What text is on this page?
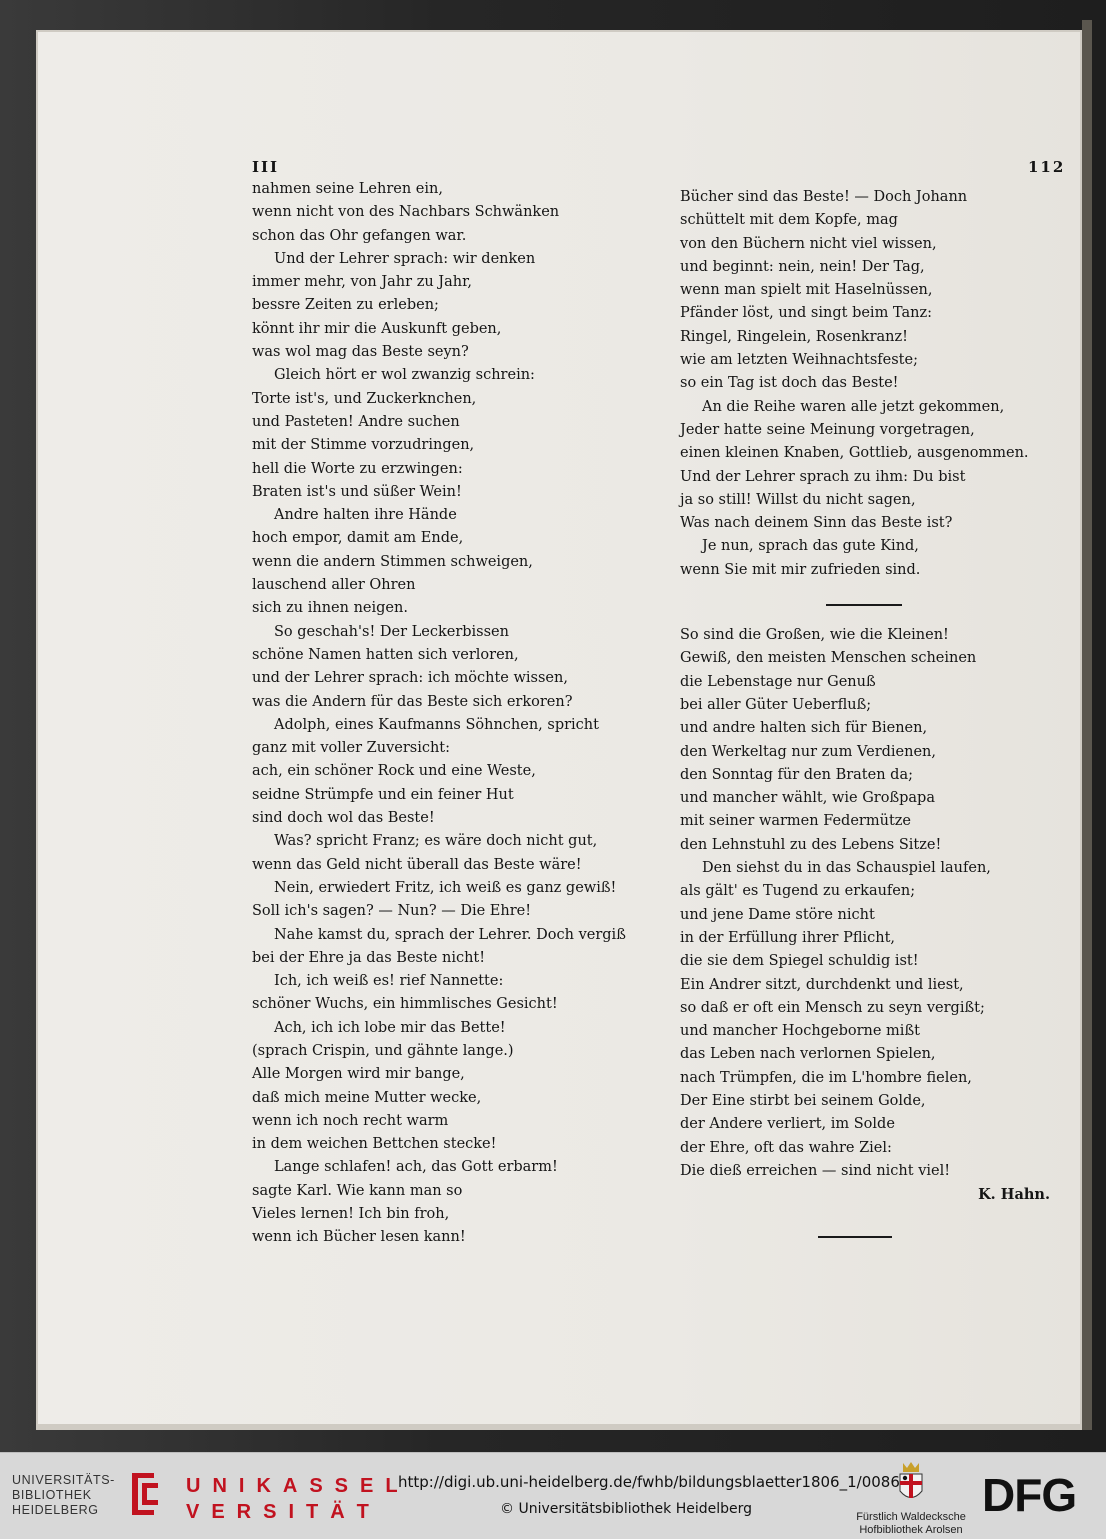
III	112
nahmen seine Lehren ein,
wenn nicht von des Nachbars Schwänken
schon das Ohr gefangen war.
Und der Lehrer sprach: wir denken
immer mehr, von Jahr zu Jahr,
bessre Zeiten zu erleben;
könnt ihr mir die Auskunft geben,
was wol mag das Beste seyn?
Gleich hört er wol zwanzig schrein:
Torte ist's, und Zuckerknchen,
und Pasteten! Andre suchen
mit der Stimme vorzudringen,
hell die Worte zu erzwingen:
Braten ist's und süßer Wein!
Andre halten ihre Hände
hoch empor, damit am Ende,
wenn die andern Stimmen schweigen,
lauschend aller Ohren
sich zu ihnen neigen.
So geschah's! Der Leckerbissen
schöne Namen hatten sich verloren,
und der Lehrer sprach: ich möchte wissen,
was die Andern für das Beste sich erkoren?
Adolph, eines Kaufmanns Söhnchen, spricht
ganz mit voller Zuversicht:
ach, ein schöner Rock und eine Weste,
seidne Strümpfe und ein feiner Hut
sind doch wol das Beste!
Was? spricht Franz; es wäre doch nicht gut,
wenn das Geld nicht überall das Beste wäre!
Nein, erwiedert Fritz, ich weiß es ganz gewiß!
Soll ich's sagen? — Nun? — Die Ehre!
Nahe kamst du, sprach der Lehrer. Doch vergiß
bei der Ehre ja das Beste nicht!
Ich, ich weiß es! rief Nannette:
schöner Wuchs, ein himmlisches Gesicht!
Ach, ich ich lobe mir das Bette!
(sprach Crispin, und gähnte lange.)
Alle Morgen wird mir bange,
daß mich meine Mutter wecke,
wenn ich noch recht warm
in dem weichen Bettchen stecke!
Lange schlafen! ach, das Gott erbarm!
sagte Karl. Wie kann man so
Vieles lernen! Ich bin froh,
wenn ich Bücher lesen kann!
Bücher sind das Beste! — Doch Johann
schüttelt mit dem Kopfe, mag
von den Büchern nicht viel wissen,
und beginnt: nein, nein! Der Tag,
wenn man spielt mit Haselnüssen,
Pfänder löst, und singt beim Tanz:
Ringel, Ringelein, Rosenkranz!
wie am letzten Weihnachtsfeste;
so ein Tag ist doch das Beste!
An die Reihe waren alle jetzt gekommen,
Jeder hatte seine Meinung vorgetragen,
einen kleinen Knaben, Gottlieb, ausgenommen.
Und der Lehrer sprach zu ihm: Du bist
ja so still! Willst du nicht sagen,
Was nach deinem Sinn das Beste ist?
Je nun, sprach das gute Kind,
wenn Sie mit mir zufrieden sind.
So sind die Großen, wie die Kleinen!
Gewiß, den meisten Menschen scheinen
die Lebenstage nur Genuß
bei aller Güter Ueberfluß;
und andre halten sich für Bienen,
den Werkeltag nur zum Verdienen,
den Sonntag für den Braten da;
und mancher wählt, wie Großpapa
mit seiner warmen Federmütze
den Lehnstuhl zu des Lebens Sitze!
Den siehst du in das Schauspiel laufen,
als gält' es Tugend zu erkaufen;
und jene Dame störe nicht
in der Erfüllung ihrer Pflicht,
die sie dem Spiegel schuldig ist!
Ein Andrer sitzt, durchdenkt und liest,
so daß er oft ein Mensch zu seyn vergißt;
und mancher Hochgeborne mißt
das Leben nach verlornen Spielen,
nach Trümpfen, die im L'hombre fielen,
Der Eine stirbt bei seinem Golde,
der Andere verliert, im Solde
der Ehre, oft das wahre Ziel:
Die dieß erreichen — sind nicht viel!
K. Hahn.
UNIVERSITÄTS-
BIBLIOTHEK
HEIDELBERG
UNIKASSEL
VERSITÄT
http://digi.ub.uni-heidelberg.de/fwhb/bildungsblaetter1806_1/0086
© Universitätsbibliothek Heidelberg	Fürstlich Waldecksche
Hofbibliothek Arolsen
DFG
